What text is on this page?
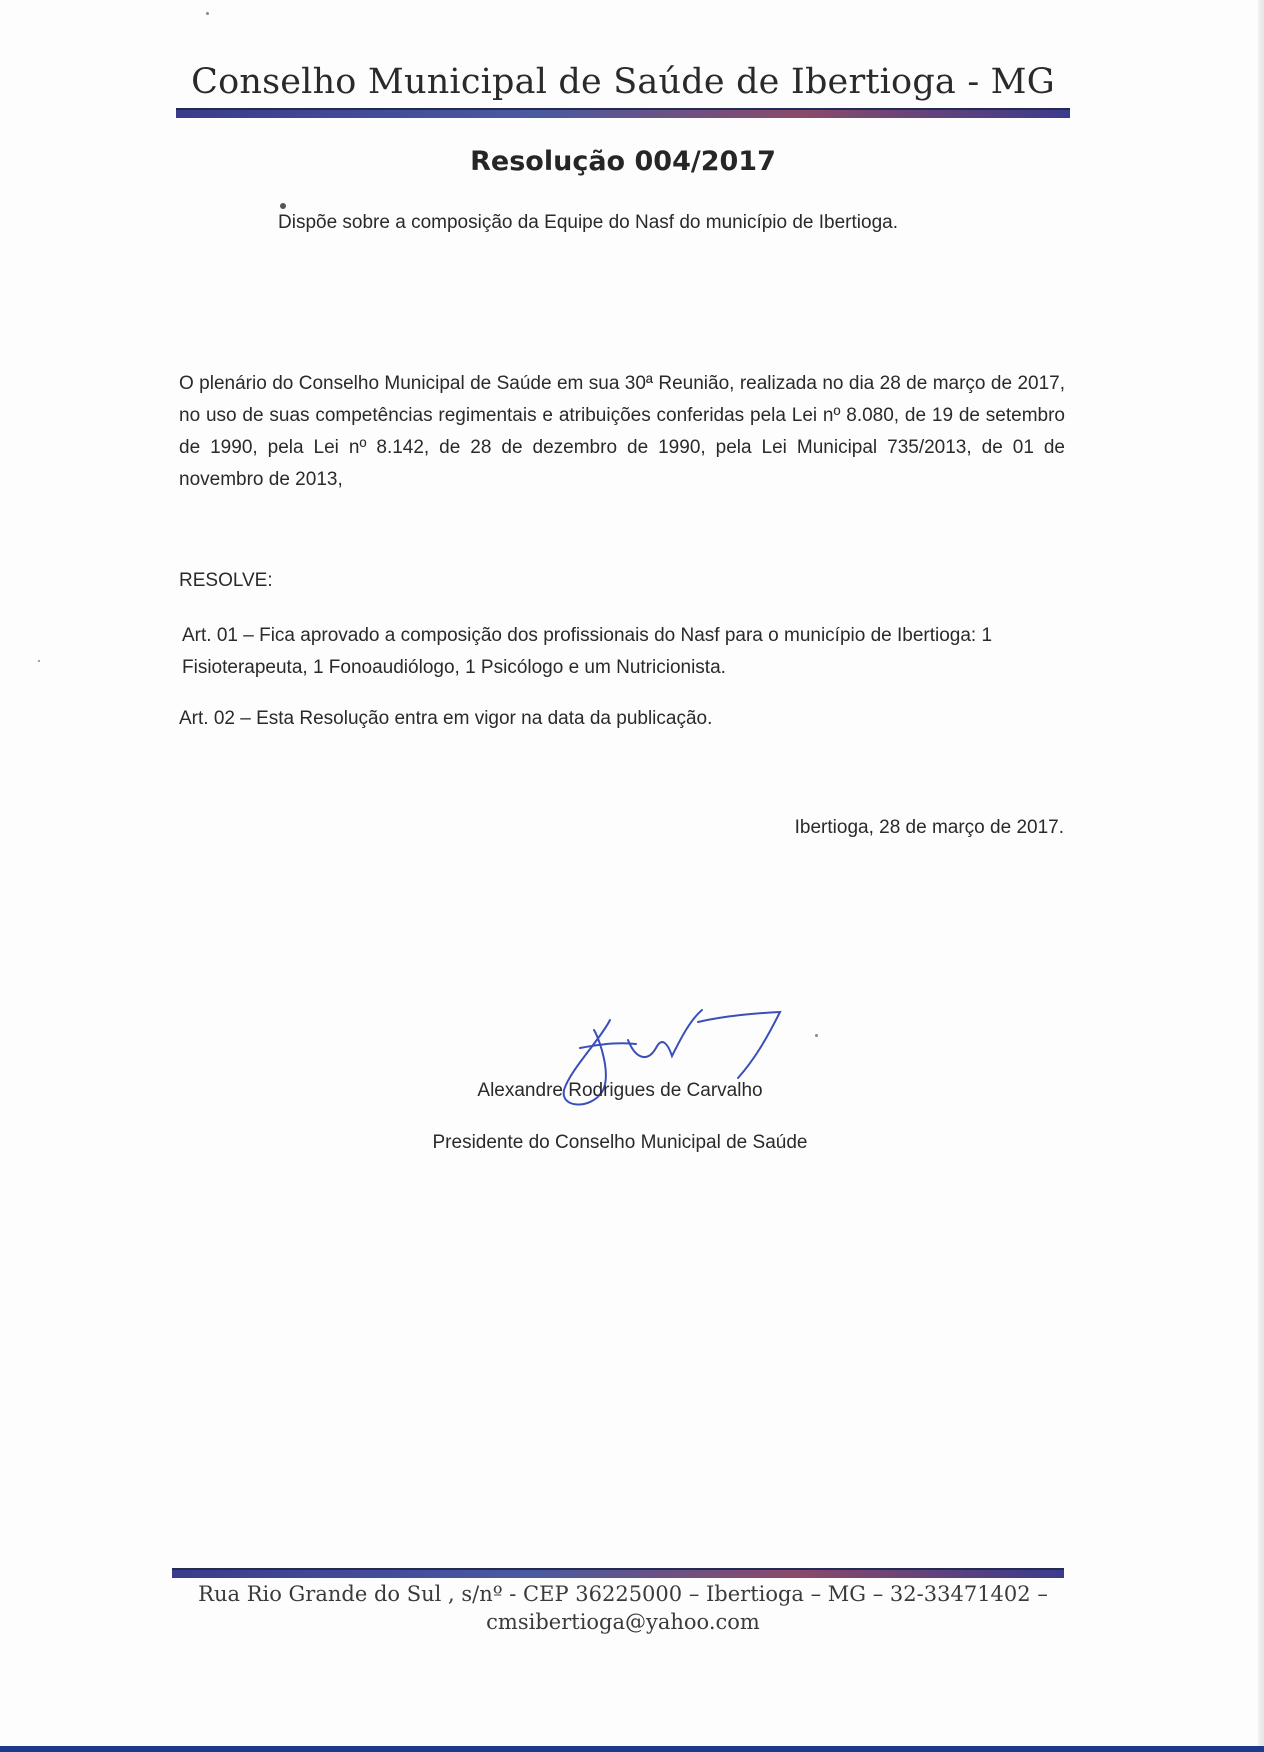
Conselho Municipal de Saúde de Ibertioga - MG
Resolução 004/2017
Dispõe sobre a composição da Equipe do Nasf do município de Ibertioga.
O plenário do Conselho Municipal de Saúde em sua 30ª Reunião, realizada no dia 28 de março de 2017, no uso de suas competências regimentais e atribuições conferidas pela Lei nº 8.080, de 19 de setembro de 1990, pela Lei nº 8.142, de 28 de dezembro de 1990, pela Lei Municipal 735/2013, de 01 de novembro de 2013,
RESOLVE:
Art. 01 – Fica aprovado a composição dos profissionais do Nasf para o município de Ibertioga: 1 Fisioterapeuta, 1 Fonoaudiólogo, 1 Psicólogo e um Nutricionista.
Art. 02 – Esta Resolução entra em vigor na data da publicação.
Ibertioga, 28 de março de 2017.
Alexandre Rodrigues de Carvalho
Presidente do Conselho Municipal de Saúde
Rua Rio Grande do Sul , s/nº - CEP 36225000 – Ibertioga – MG – 32-33471402 –
cmsibertioga@yahoo.com
